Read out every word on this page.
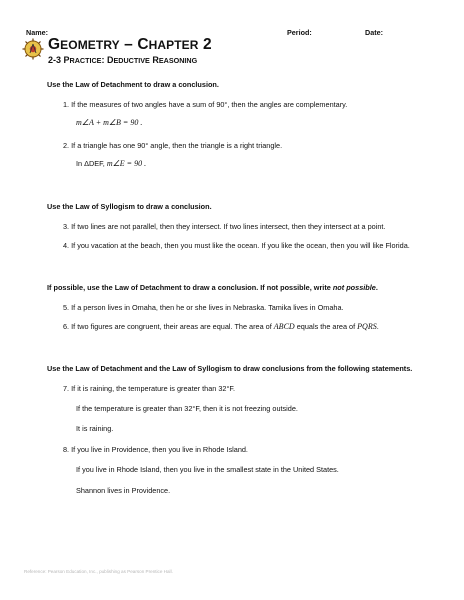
Name:	Period:	Date:
GEOMETRY – CHAPTER 2
2-3 PRACTICE: DEDUCTIVE REASONING
Use the Law of Detachment to draw a conclusion.
1. If the measures of two angles have a sum of 90°, then the angles are complementary.
m∠A + m∠B = 90 .
2. If a triangle has one 90° angle, then the triangle is a right triangle.
In ΔDEF, m∠E = 90 .
Use the Law of Syllogism to draw a conclusion.
3. If two lines are not parallel, then they intersect. If two lines intersect, then they intersect at a point.
4. If you vacation at the beach, then you must like the ocean. If you like the ocean, then you will like Florida.
If possible, use the Law of Detachment to draw a conclusion. If not possible, write not possible.
5. If a person lives in Omaha, then he or she lives in Nebraska. Tamika lives in Omaha.
6. If two figures are congruent, their areas are equal. The area of ABCD equals the area of PQRS.
Use the Law of Detachment and the Law of Syllogism to draw conclusions from the following statements.
7. If it is raining, the temperature is greater than 32°F.
If the temperature is greater than 32°F, then it is not freezing outside.
It is raining.
8. If you live in Providence, then you live in Rhode Island.
If you live in Rhode Island, then you live in the smallest state in the United States.
Shannon lives in Providence.
Reference: Pearson Education, Inc., publishing as Pearson Prentice Hall.
